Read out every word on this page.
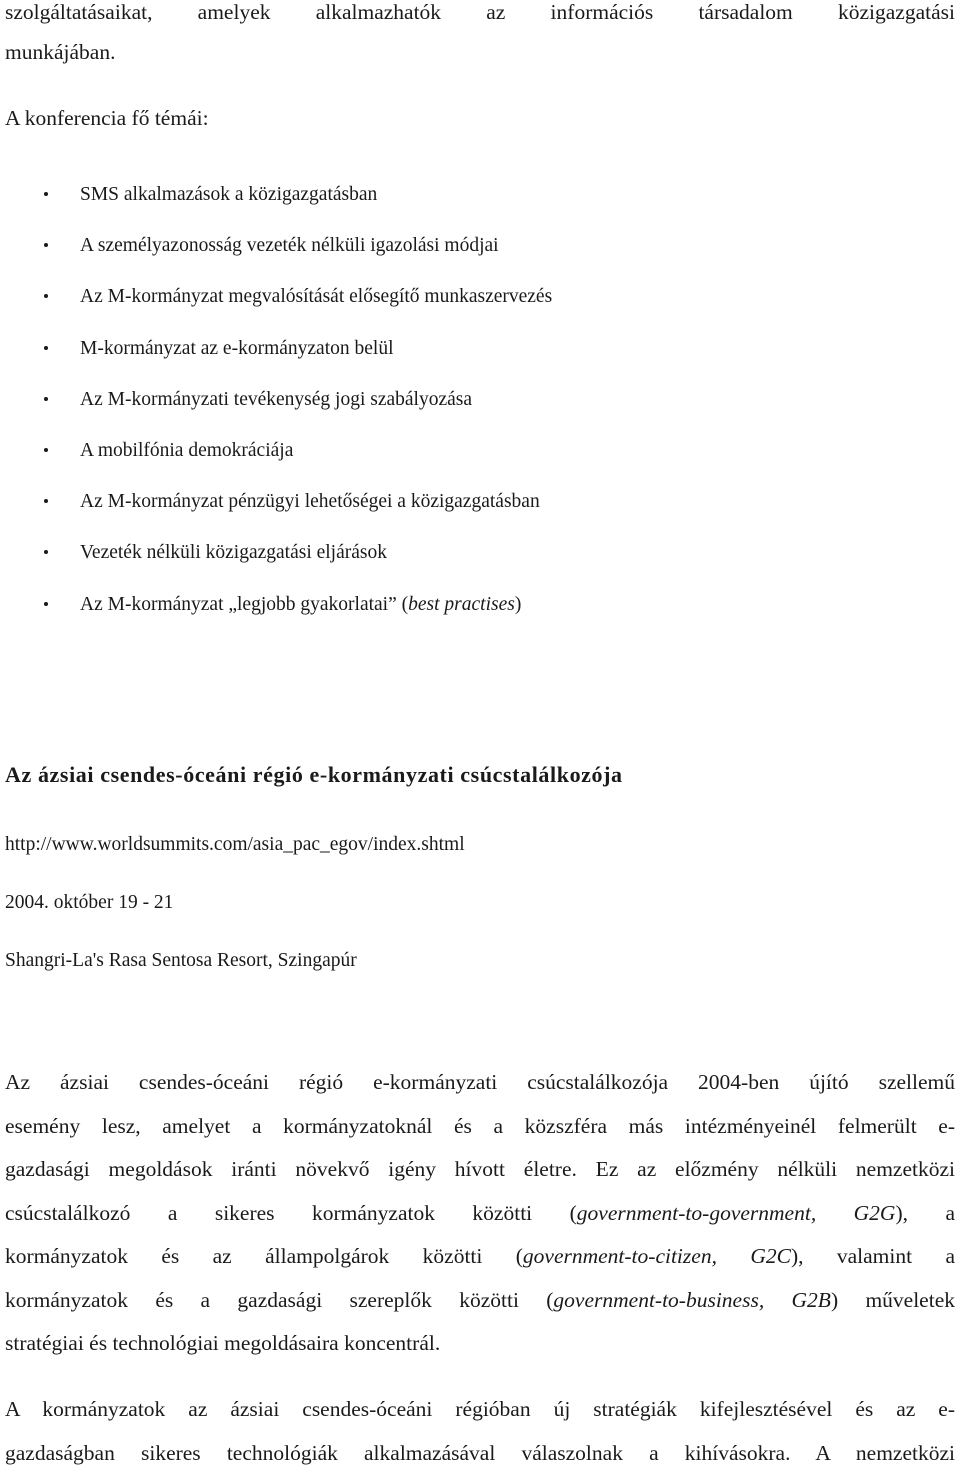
szolgáltatásaikat, amelyek alkalmazhatók az információs társadalom közigazgatási
munkájában.
A konferencia fő témái:
SMS alkalmazások a közigazgatásban
A személyazonosság vezeték nélküli igazolási módjai
Az M-kormányzat megvalósítását elősegítő munkaszervezés
M-kormányzat az e-kormányzaton belül
Az M-kormányzati tevékenység jogi szabályozása
A mobilfónia demokráciája
Az M-kormányzat pénzügyi lehetőségei a közigazgatásban
Vezeték nélküli közigazgatási eljárások
Az M-kormányzat „legjobb gyakorlatai” (best practises)
Az ázsiai csendes-óceáni régió e-kormányzati csúcstalálkozója
http://www.worldsummits.com/asia_pac_egov/index.shtml
2004. október 19 - 21
Shangri-La's Rasa Sentosa Resort, Szingapúr
Az ázsiai csendes-óceáni régió e-kormányzati csúcstalálkozója 2004-ben újító szellemű
esemény lesz, amelyet a kormányzatoknál és a közszféra más intézményeinél felmerült e-
gazdasági megoldások iránti növekvő igény hívott életre. Ez az előzmény nélküli nemzetközi
csúcstalálkozó a sikeres kormányzatok közötti (government-to-government, G2G), a
kormányzatok és az állampolgárok közötti (government-to-citizen, G2C), valamint a
kormányzatok és a gazdasági szereplők közötti (government-to-business, G2B) műveletek
stratégiai és technológiai megoldásaira koncentrál.
A kormányzatok az ázsiai csendes-óceáni régióban új stratégiák kifejlesztésével és az e-
gazdaságban sikeres technológiák alkalmazásával válaszolnak a kihívásokra. A nemzetközi
